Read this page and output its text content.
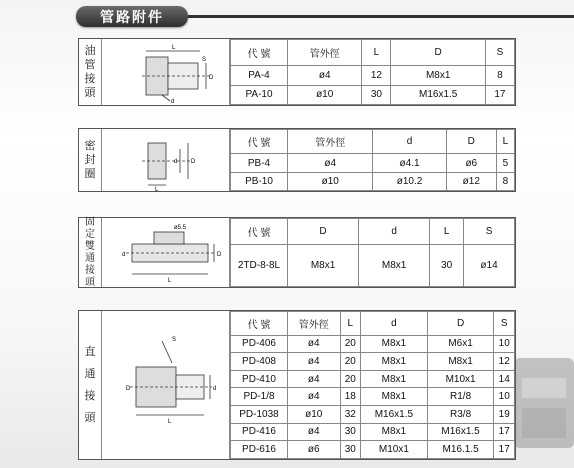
管路附件
油管接頭
L
S
D
d
代 號	管外徑	L	D	S
PA-4	ø4	12	M8x1	8
PA-10	ø10	30	M16x1.5	17
密封圈
D
d
L
代 號	管外徑	d	D	L
PB-4	ø4	ø4.1	ø6	5
PB-10	ø10	ø10.2	ø12	8
固定雙通接頭
ø5.5
L
d	D
代 號	D	d	L	S
2TD-8-8L	M8x1	M8x1	30	ø14
直通接頭
S
D
L
d
代 號	管外徑	L	d	D	S
PD-406	ø4	20	M8x1	M6x1	10
PD-408	ø4	20	M8x1	M8x1	12
PD-410	ø4	20	M8x1	M10x1	14
PD-1/8	ø4	18	M8x1	R1/8	10
PD-1038	ø10	32	M16x1.5	R3/8	19
PD-416	ø4	30	M8x1	M16x1.5	17
PD-616	ø6	30	M10x1	M16.1.5	17
